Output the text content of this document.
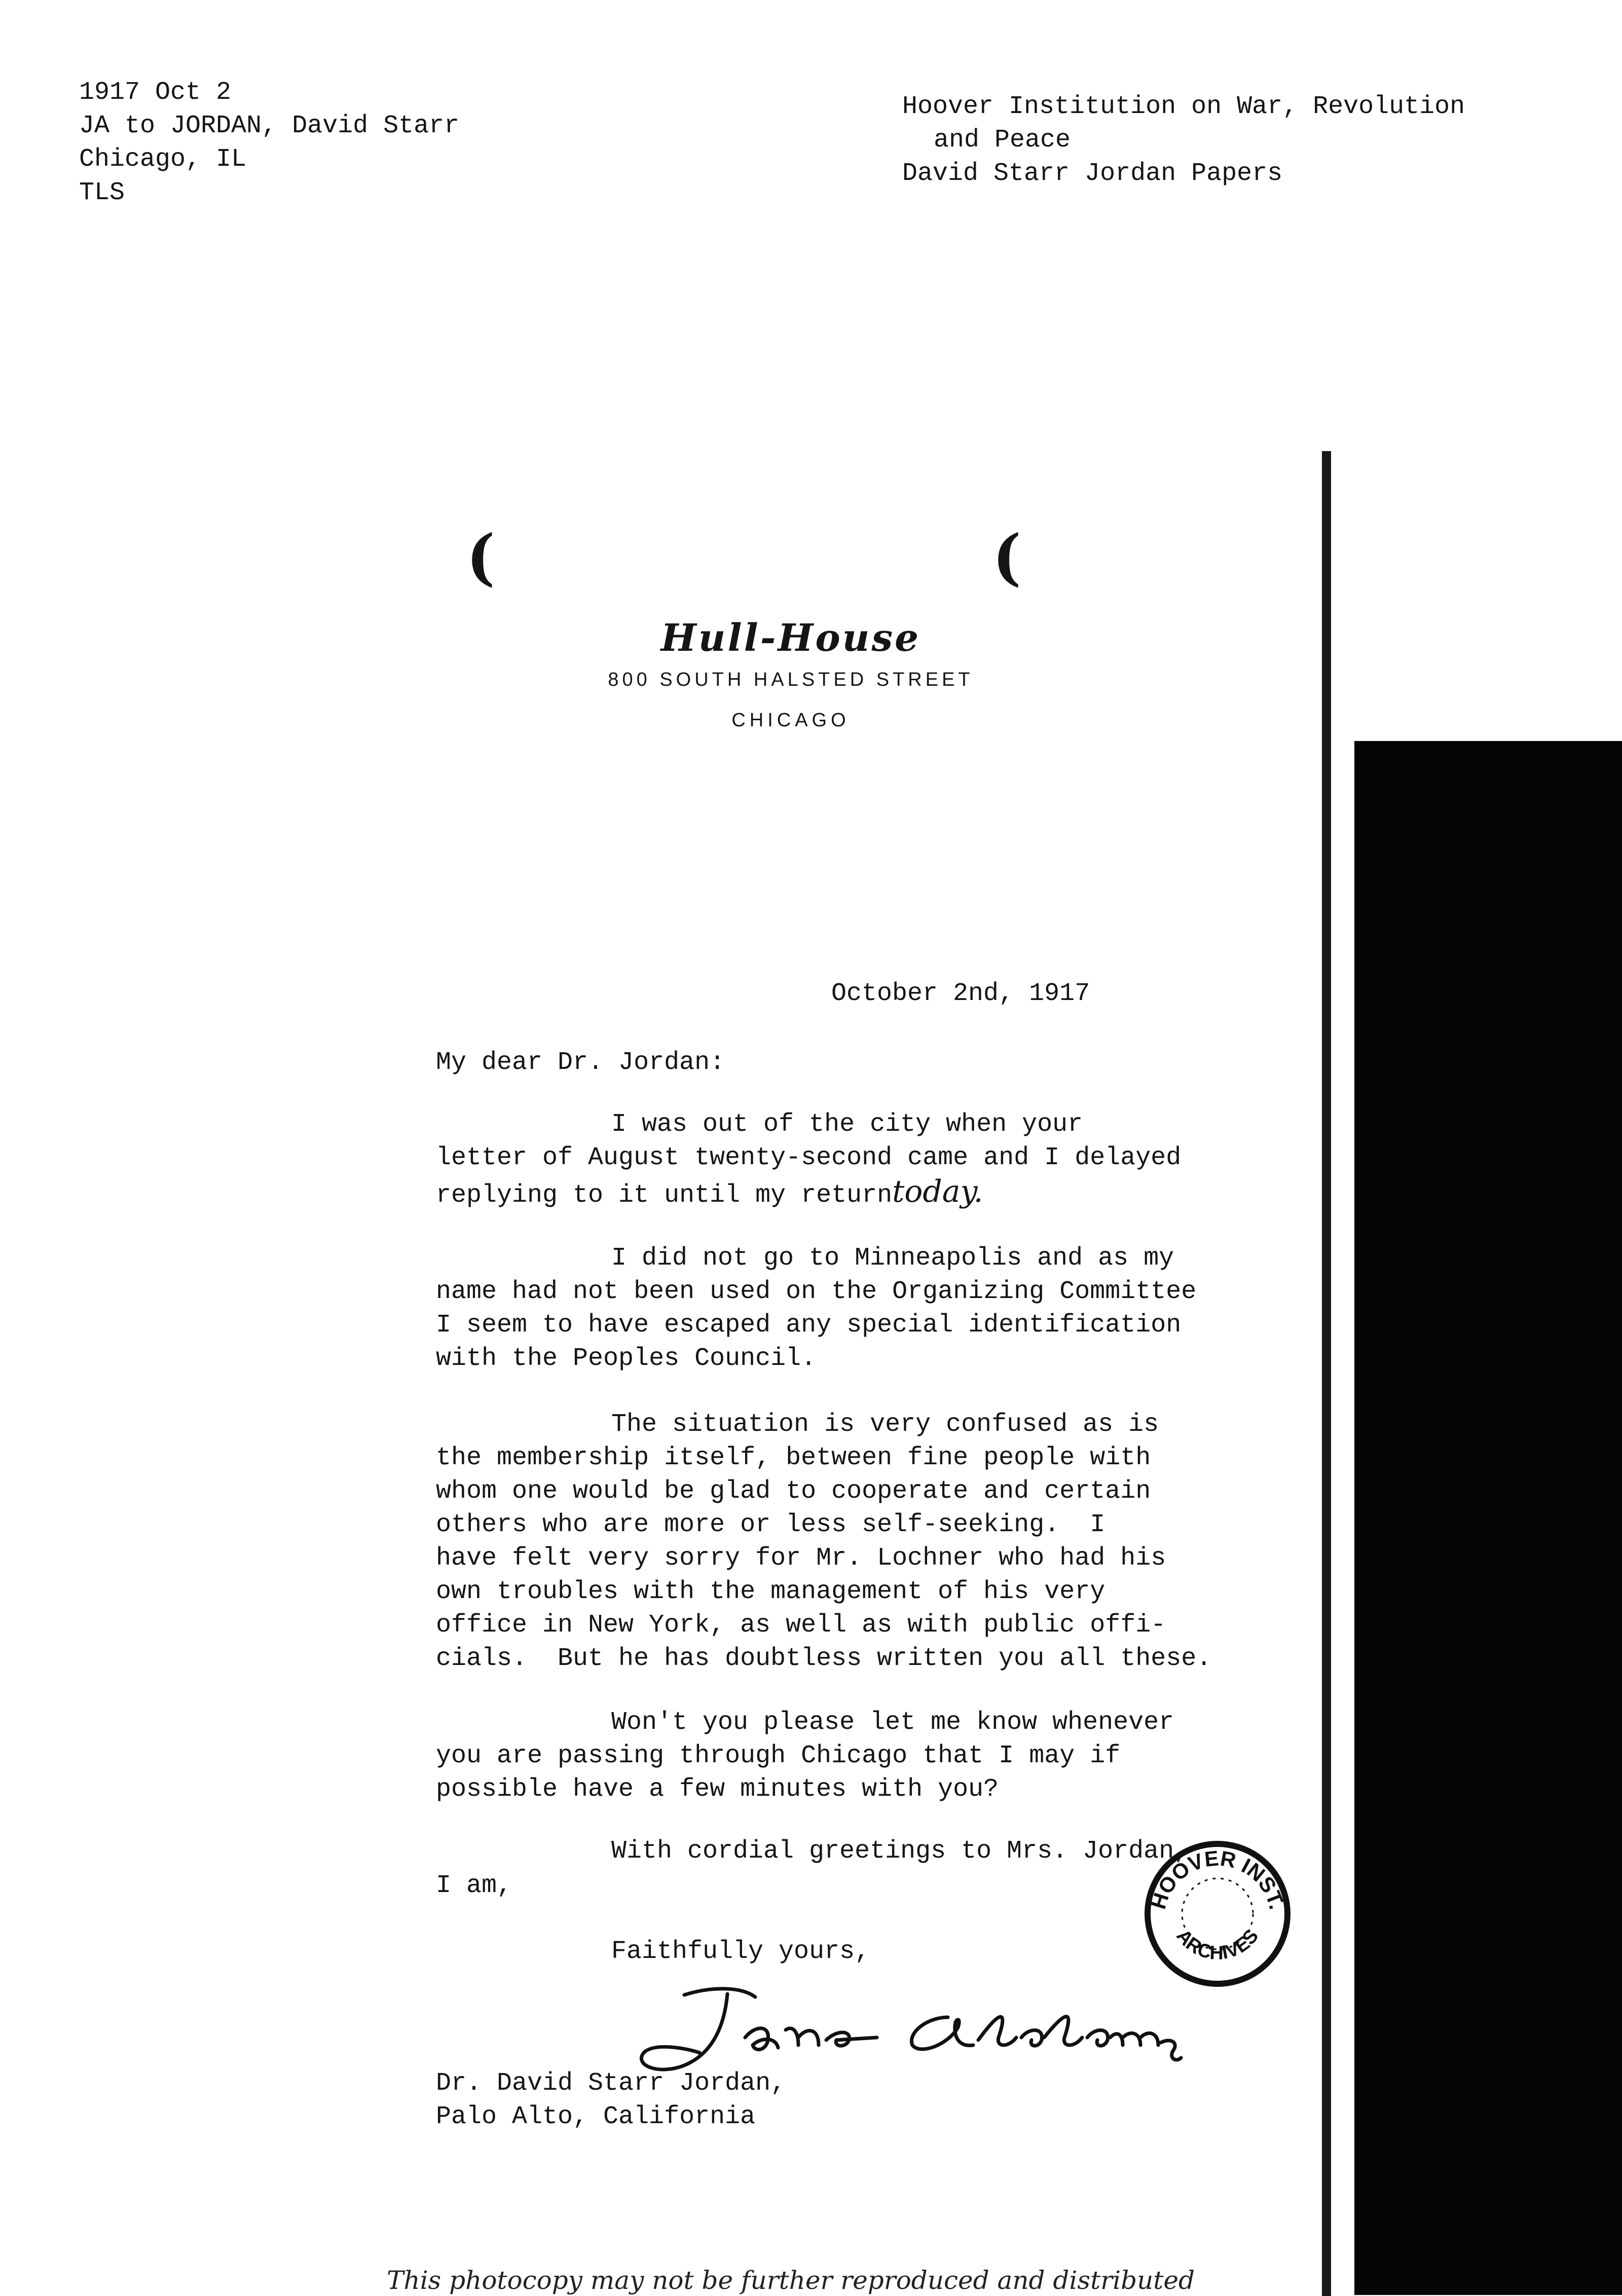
1917 Oct 2
JA to JORDAN, David Starr
Chicago, IL
TLS
Hoover Institution on War, Revolution
and Peace
David Starr Jordan Papers
(	(
Hull-House
800 SOUTH HALSTED STREET
CHICAGO
October 2nd, 1917
My dear Dr. Jordan:
I was out of the city when your
letter of August twenty-second came and I delayed
replying to it until my returntoday.
I did not go to Minneapolis and as my
name had not been used on the Organizing Committee
I seem to have escaped any special identification
with the Peoples Council.
The situation is very confused as is
the membership itself, between fine people with
whom one would be glad to cooperate and certain
others who are more or less self-seeking.  I
have felt very sorry for Mr. Lochner who had his
own troubles with the management of his very
office in New York, as well as with public offi-
cials.  But he has doubtless written you all these.
Won't you please let me know whenever
you are passing through Chicago that I may if
possible have a few minutes with you?
With cordial greetings to Mrs. Jordan,
I am,
Faithfully yours,
Dr. David Starr Jordan,
Palo Alto, California
HOOVER INST.
ARCHIVES
This photocopy may not be further reproduced and distributed
